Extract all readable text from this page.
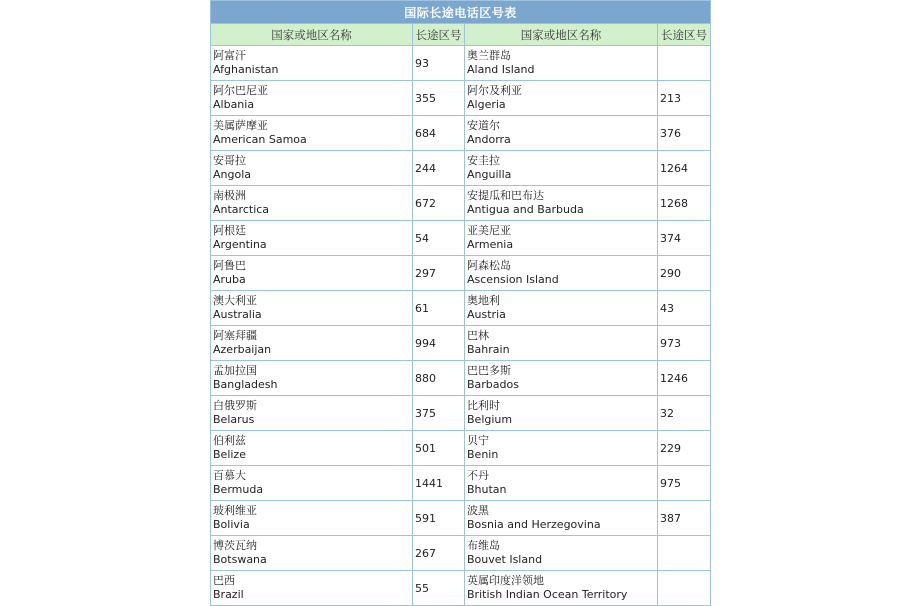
国际长途电话区号表			
国家或地区名称	长途区号	国家或地区名称	长途区号

阿富汗
Afghanistan	93	奥兰群岛
Aland Island	

阿尔巴尼亚
Albania	355	阿尔及利亚
Algeria	213

美属萨摩亚
American Samoa	684	安道尔
Andorra	376

安哥拉
Angola	244	安圭拉
Anguilla	1264

南极洲
Antarctica	672	安提瓜和巴布达
Antigua and Barbuda	1268

阿根廷
Argentina	54	亚美尼亚
Armenia	374

阿鲁巴
Aruba	297	阿森松岛
Ascension Island	290

澳大利亚
Australia	61	奥地利
Austria	43

阿塞拜疆
Azerbaijan	994	巴林
Bahrain	973

孟加拉国
Bangladesh	880	巴巴多斯
Barbados	1246

白俄罗斯
Belarus	375	比利时
Belgium	32

伯利兹
Belize	501	贝宁
Benin	229

百慕大
Bermuda	1441	不丹
Bhutan	975

玻利维亚
Bolivia	591	波黑
Bosnia and Herzegovina	387

博茨瓦纳
Botswana	267	布维岛
Bouvet Island	

巴西
Brazil	55	英属印度洋领地
British Indian Ocean Territory	
